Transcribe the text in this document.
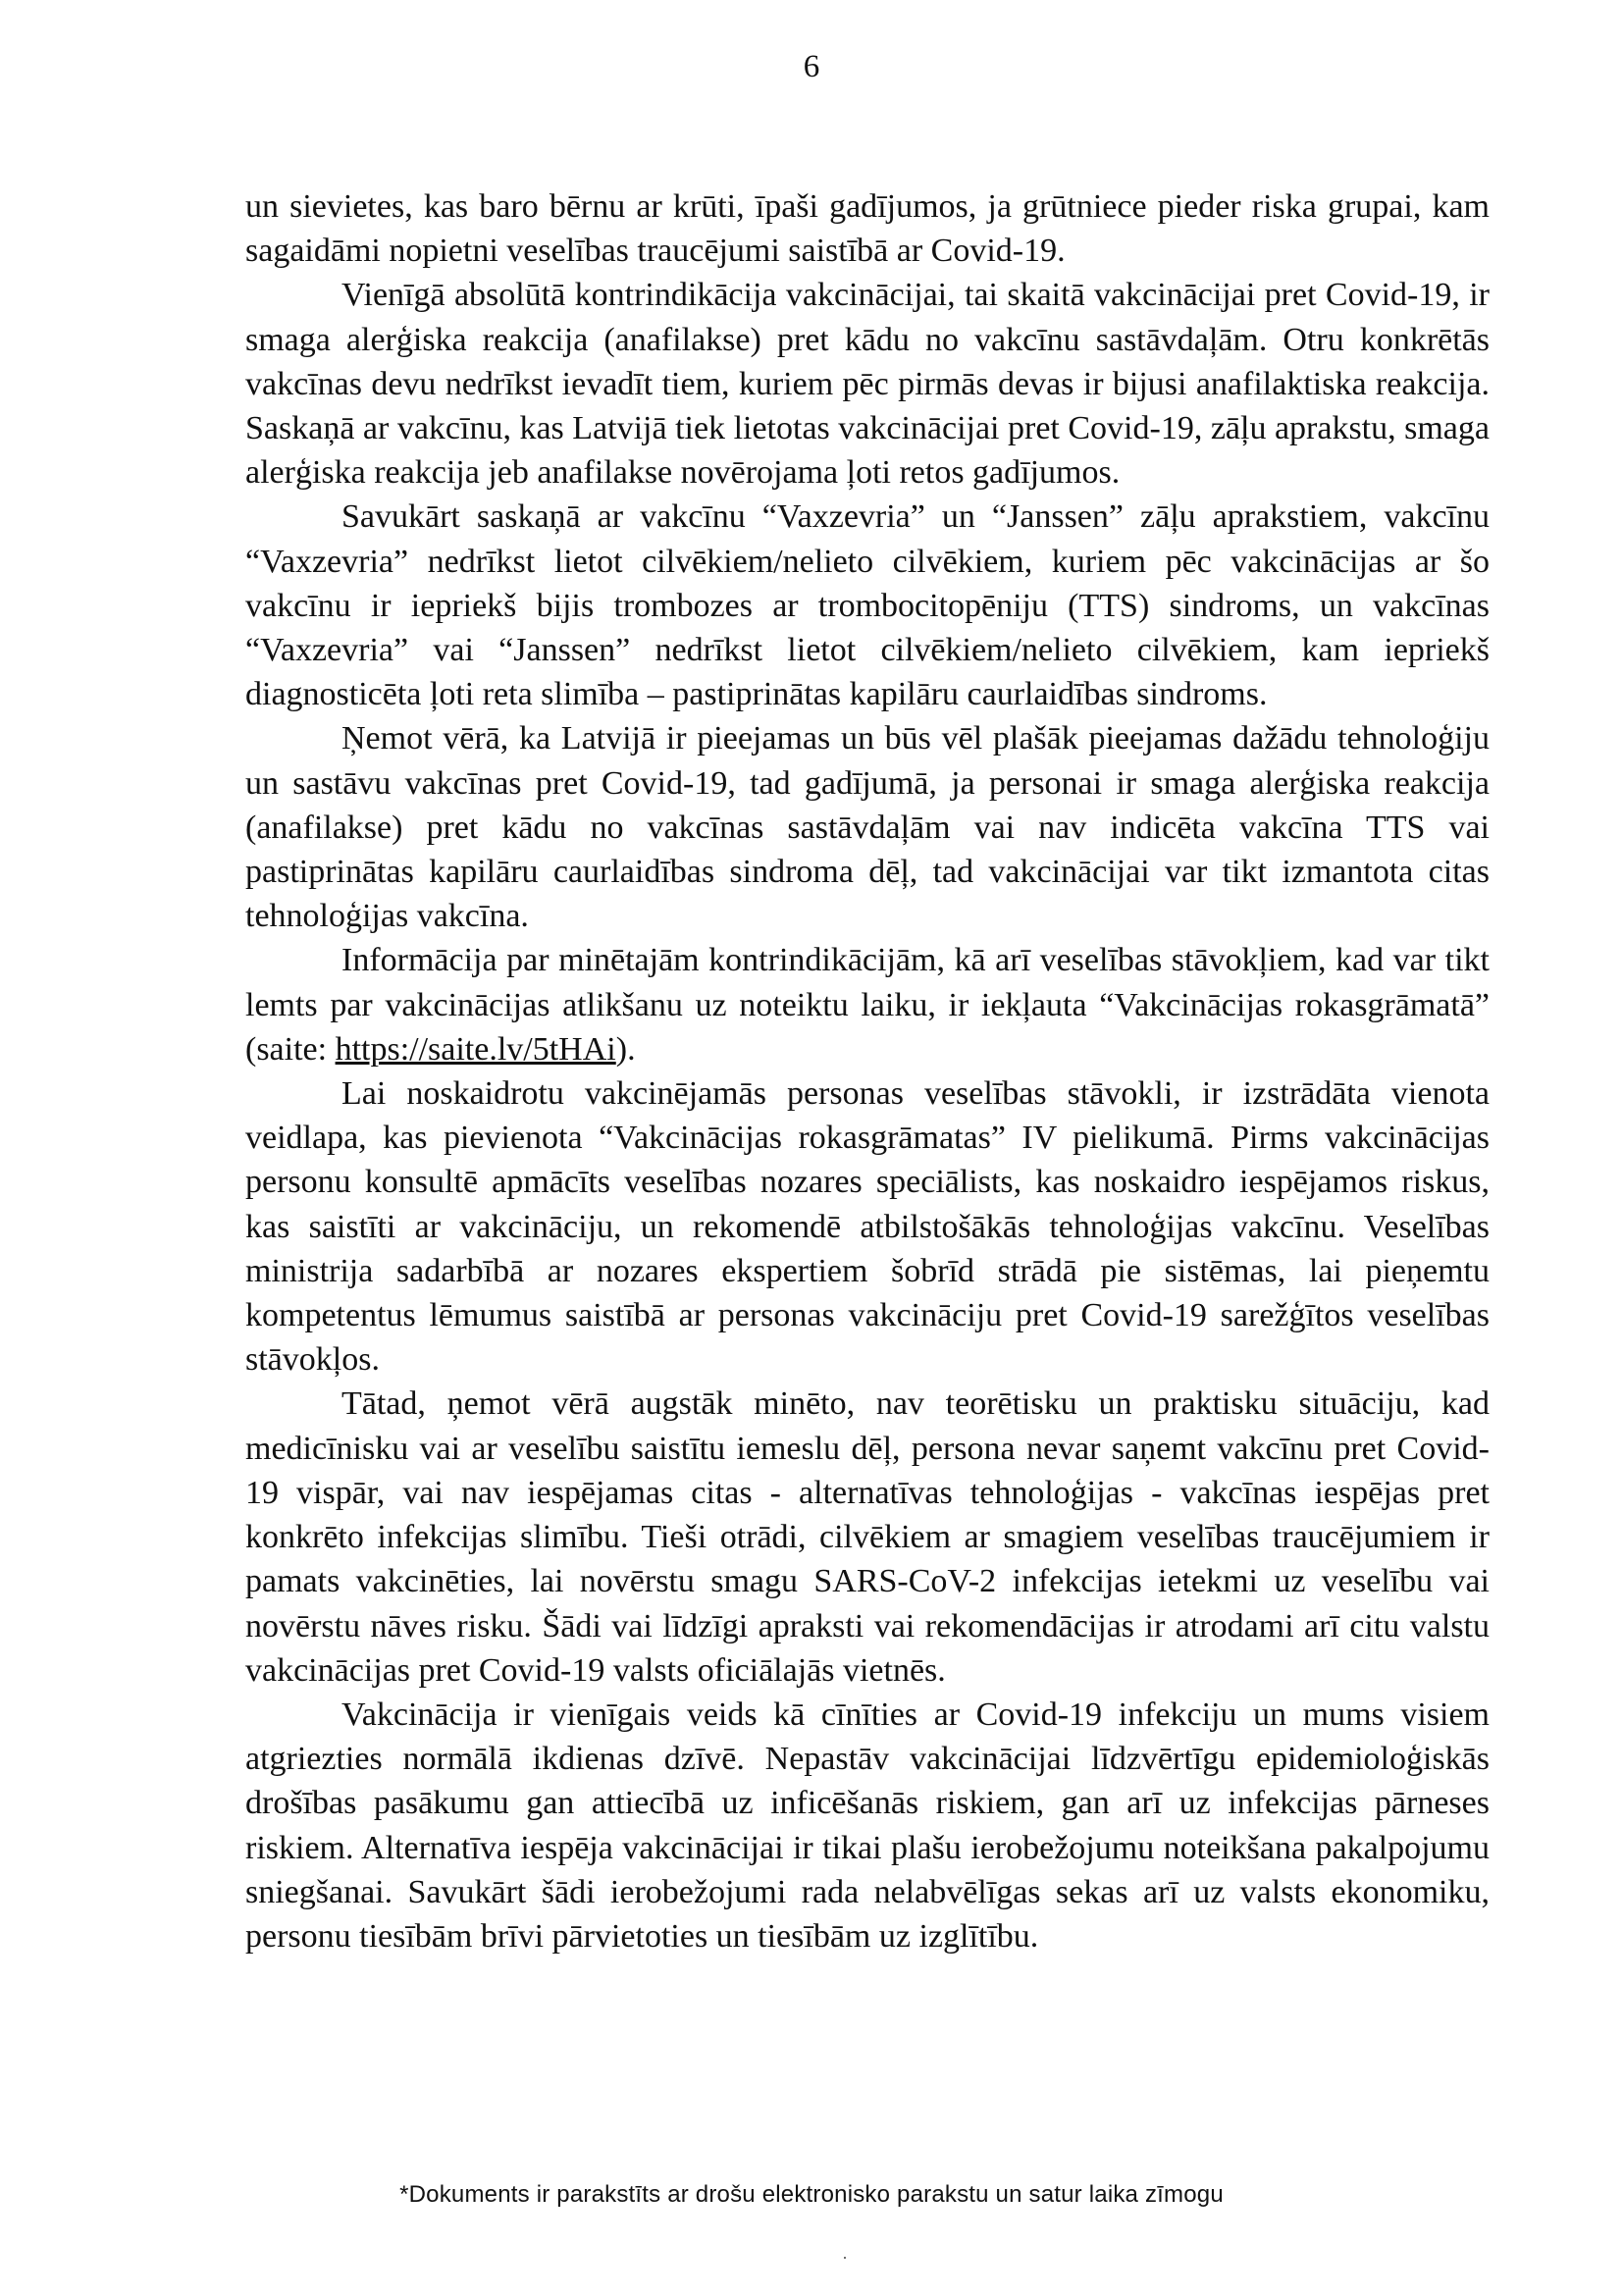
6

un sievietes, kas baro bērnu ar krūti, īpaši gadījumos, ja grūtniece pieder riska grupai, kam sagaidāmi nopietni veselības traucējumi saistībā ar Covid-19.

Vienīgā absolūtā kontrindikācija vakcinācijai, tai skaitā vakcinācijai pret Covid-19, ir smaga alerģiska reakcija (anafilakse) pret kādu no vakcīnu sastāvdaļām. Otru konkrētās vakcīnas devu nedrīkst ievadīt tiem, kuriem pēc pirmās devas ir bijusi anafilaktiska reakcija. Saskaņā ar vakcīnu, kas Latvijā tiek lietotas vakcinācijai pret Covid-19, zāļu aprakstu, smaga alerģiska reakcija jeb anafilakse novērojama ļoti retos gadījumos.

Savukārt saskaņā ar vakcīnu “Vaxzevria” un “Janssen” zāļu aprakstiem, vakcīnu “Vaxzevria” nedrīkst lietot cilvēkiem/nelieto cilvēkiem, kuriem pēc vakcinācijas ar šo vakcīnu ir iepriekš bijis trombozes ar trombocitopēniju (TTS) sindroms, un vakcīnas “Vaxzevria” vai “Janssen” nedrīkst lietot cilvēkiem/nelieto cilvēkiem, kam iepriekš diagnosticēta ļoti reta slimība – pastiprinātas kapilāru caurlaidības sindroms.

Ņemot vērā, ka Latvijā ir pieejamas un būs vēl plašāk pieejamas dažādu tehnoloģiju un sastāvu vakcīnas pret Covid-19, tad gadījumā, ja personai ir smaga alerģiska reakcija (anafilakse) pret kādu no vakcīnas sastāvdaļām vai nav indicēta vakcīna TTS vai pastiprinātas kapilāru caurlaidības sindroma dēļ, tad vakcinācijai var tikt izmantota citas tehnoloģijas vakcīna.

Informācija par minētajām kontrindikācijām, kā arī veselības stāvokļiem, kad var tikt lemts par vakcinācijas atlikšanu uz noteiktu laiku, ir iekļauta “Vakcinācijas rokasgrāmatā” (saite: https://saite.lv/5tHAi).

Lai noskaidrotu vakcinējamās personas veselības stāvokli, ir izstrādāta vienota veidlapa, kas pievienota “Vakcinācijas rokasgrāmatas” IV pielikumā. Pirms vakcinācijas personu konsultē apmācīts veselības nozares speciālists, kas noskaidro iespējamos riskus, kas saistīti ar vakcināciju, un rekomendē atbilstošākās tehnoloģijas vakcīnu. Veselības ministrija sadarbībā ar nozares ekspertiem šobrīd strādā pie sistēmas, lai pieņemtu kompetentus lēmumus saistībā ar personas vakcināciju pret Covid-19 sarežģītos veselības stāvokļos.

Tātad, ņemot vērā augstāk minēto, nav teorētisku un praktisku situāciju, kad medicīnisku vai ar veselību saistītu iemeslu dēļ, persona nevar saņemt vakcīnu pret Covid-19 vispār, vai nav iespējamas citas - alternatīvas tehnoloģijas - vakcīnas iespējas pret konkrēto infekcijas slimību. Tieši otrādi, cilvēkiem ar smagiem veselības traucējumiem ir pamats vakcinēties, lai novērstu smagu SARS-CoV-2 infekcijas ietekmi uz veselību vai novērstu nāves risku. Šādi vai līdzīgi apraksti vai rekomendācijas ir atrodami arī citu valstu vakcinācijas pret Covid-19 valsts oficiālajās vietnēs.

Vakcinācija ir vienīgais veids kā cīnīties ar Covid-19 infekciju un mums visiem atgriezties normālā ikdienas dzīvē. Nepastāv vakcinācijai līdzvērtīgu epidemioloģiskās drošības pasākumu gan attiecībā uz inficēšanās riskiem, gan arī uz infekcijas pārneses riskiem. Alternatīva iespēja vakcinācijai ir tikai plašu ierobežojumu noteikšana pakalpojumu sniegšanai. Savukārt šādi ierobežojumi rada nelabvēlīgas sekas arī uz valsts ekonomiku, personu tiesībām brīvi pārvietoties un tiesībām uz izglītību.

*Dokuments ir parakstīts ar drošu elektronisko parakstu un satur laika zīmogu
·
